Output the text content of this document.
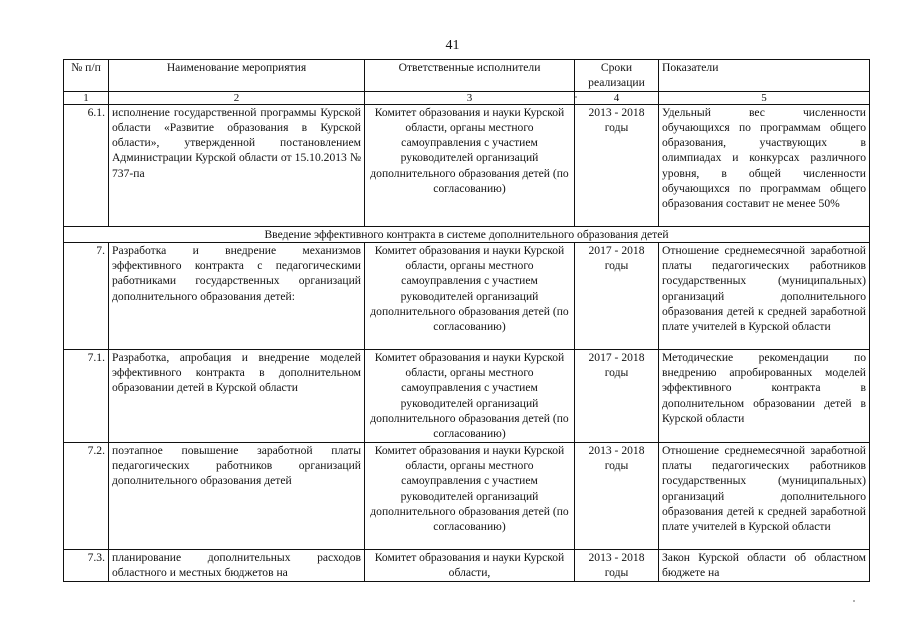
41
№ п/п	Наименование мероприятия	Ответственные исполнители	Сроки реализации	Показатели
1	2	3	4	5
6.1.	исполнение государственной программы Курской области «Развитие образования в Курской области», утвержденной постановлением Администрации Курской области от 15.10.2013 № 737-па	Комитет образования и науки Курской области, органы местного самоуправления с участием руководителей организаций дополнительного образования детей (по согласованию)	2013 - 2018 годы	Удельный вес численности обучающихся по программам общего образования, участвующих в олимпиадах и конкурсах различного уровня, в общей численности обучающихся по программам общего образования составит не менее 50%
Введение эффективного контракта в системе дополнительного образования детей				
7.	Разработка и внедрение механизмов эффективного контракта с педагогическими работниками государственных организаций дополнительного образования детей:	Комитет образования и науки Курской области, органы местного самоуправления с участием руководителей организаций дополнительного образования детей (по согласованию)	2017 - 2018 годы	Отношение среднемесячной заработной платы педагогических работников государственных (муниципальных) организаций дополнительного образования детей к средней заработной плате учителей в Курской области
7.1.	Разработка, апробация и внедрение моделей эффективного контракта в дополнительном образовании детей в Курской области	Комитет образования и науки Курской области, органы местного самоуправления с участием руководителей организаций дополнительного образования детей (по согласованию)	2017 - 2018 годы	Методические рекомендации по внедрению апробированных моделей эффективного контракта в дополнительном образовании детей в Курской области
7.2.	поэтапное повышение заработной платы педагогических работников организаций дополнительного образования детей	Комитет образования и науки Курской области, органы местного самоуправления с участием руководителей организаций дополнительного образования детей (по согласованию)	2013 - 2018 годы	Отношение среднемесячной заработной платы педагогических работников государственных (муниципальных) организаций дополнительного образования детей к средней заработной плате учителей в Курской области
7.3.	планирование дополнительных расходов областного и местных бюджетов на	Комитет образования и науки Курской области,	2013 - 2018 годы	Закон Курской области об областном бюджете на
